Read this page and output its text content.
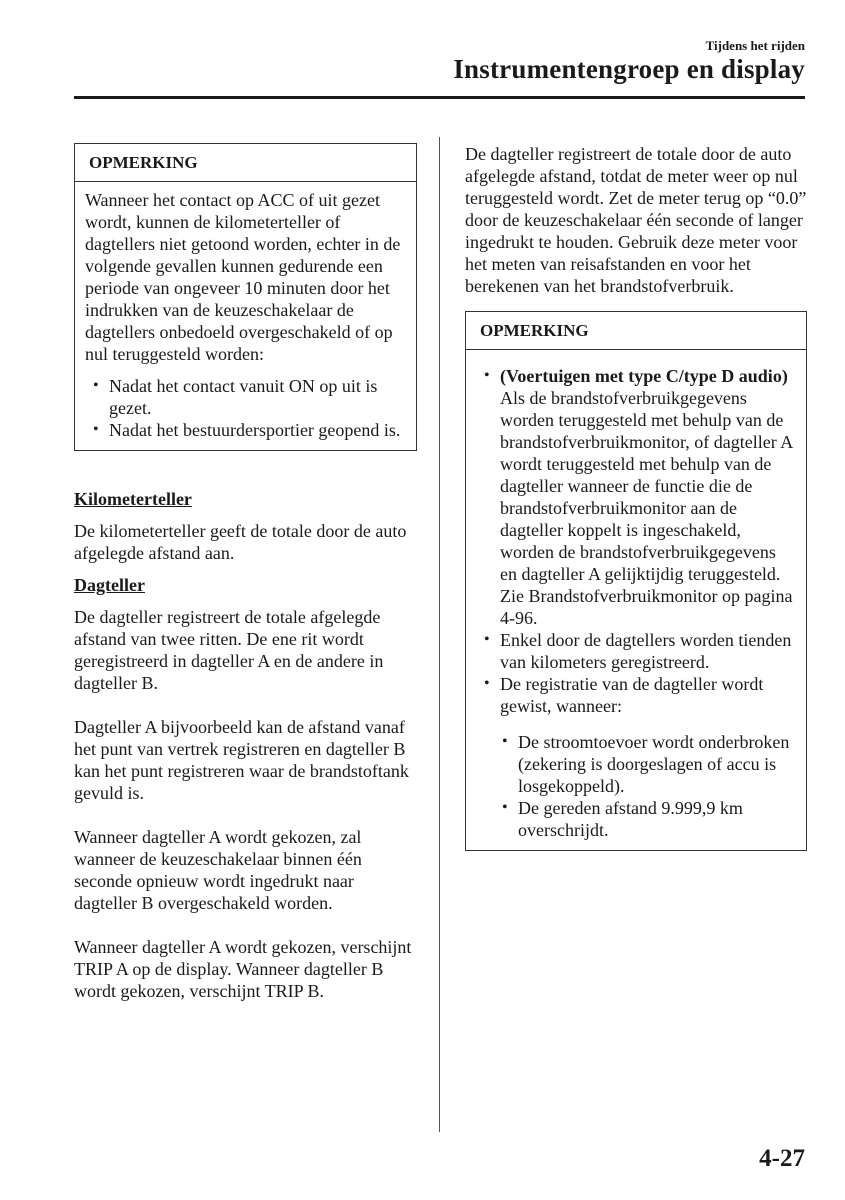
Tijdens het rijden
Instrumentengroep en display
OPMERKING

Wanneer het contact op ACC of uit gezet wordt, kunnen de kilometerteller of dagtellers niet getoond worden, echter in de volgende gevallen kunnen gedurende een periode van ongeveer 10 minuten door het indrukken van de keuzeschakelaar de dagtellers onbedoeld overgeschakeld of op nul teruggesteld worden:

• Nadat het contact vanuit ON op uit is gezet.
• Nadat het bestuurdersportier geopend is.

Kilometerteller

De kilometerteller geeft de totale door de auto afgelegde afstand aan.

Dagteller

De dagteller registreert de totale afgelegde afstand van twee ritten. De ene rit wordt geregistreerd in dagteller A en de andere in dagteller B.

Dagteller A bijvoorbeeld kan de afstand vanaf het punt van vertrek registreren en dagteller B kan het punt registreren waar de brandstoftank gevuld is.

Wanneer dagteller A wordt gekozen, zal wanneer de keuzeschakelaar binnen één seconde opnieuw wordt ingedrukt naar dagteller B overgeschakeld worden.

Wanneer dagteller A wordt gekozen, verschijnt TRIP A op de display. Wanneer dagteller B wordt gekozen, verschijnt TRIP B.

De dagteller registreert de totale door de auto afgelegde afstand, totdat de meter weer op nul teruggesteld wordt. Zet de meter terug op “0.0” door de keuzeschakelaar één seconde of langer ingedrukt te houden. Gebruik deze meter voor het meten van reisafstanden en voor het berekenen van het brandstofverbruik.

OPMERKING
• (Voertuigen met type C/type D audio)
Als de brandstofverbruikgegevens worden teruggesteld met behulp van de brandstofverbruikmonitor, of dagteller A wordt teruggesteld met behulp van de dagteller wanneer de functie die de brandstofverbruikmonitor aan de dagteller koppelt is ingeschakeld, worden de brandstofverbruikgegevens en dagteller A gelijktijdig teruggesteld. Zie Brandstofverbruikmonitor op pagina 4-96.
• Enkel door de dagtellers worden tienden van kilometers geregistreerd.
• De registratie van de dagteller wordt gewist, wanneer:
• De stroomtoevoer wordt onderbroken (zekering is doorgeslagen of accu is losgekoppeld).
• De gereden afstand 9.999,9 km overschrijdt.
4-27
